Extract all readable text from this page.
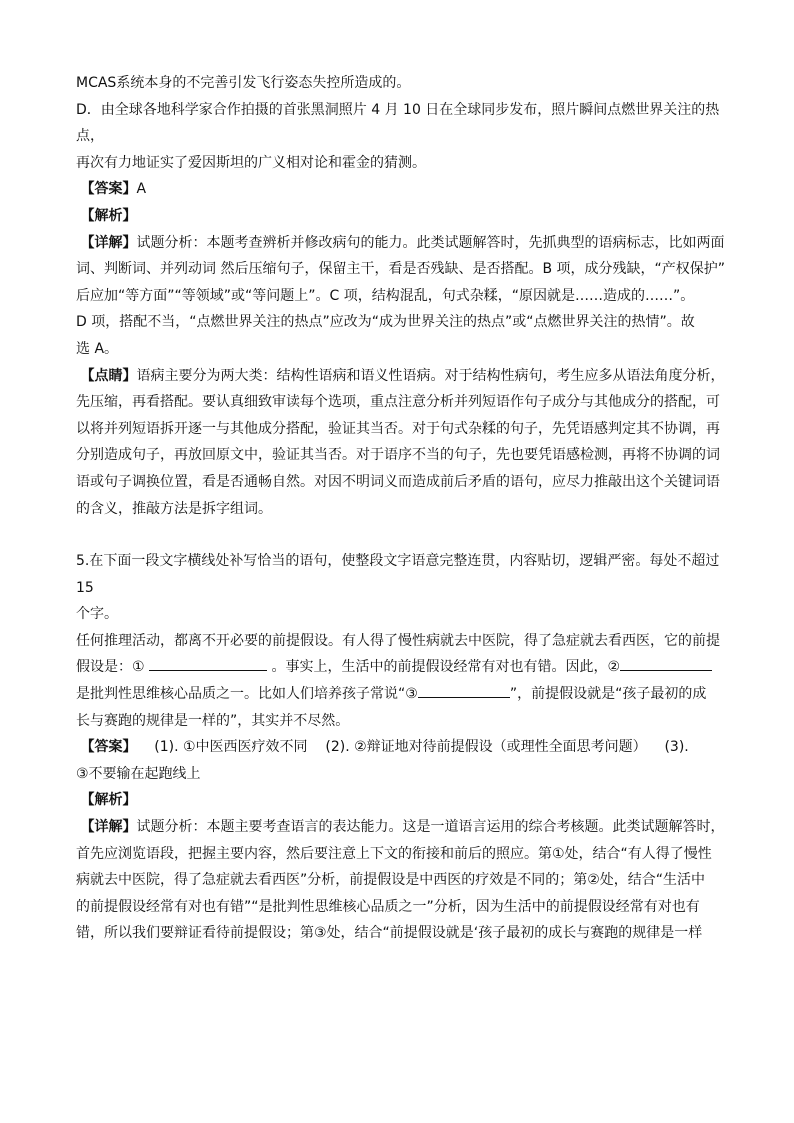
MCAS系统本身的不完善引发飞行姿态失控所造成的。

D．由全球各地科学家合作拍摄的首张黑洞照片 4 月 10 日在全球同步发布，照片瞬间点燃世界关注的热点，

再次有力地证实了爱因斯坦的广义相对论和霍金的猜测。

【答案】A

【解析】

【详解】试题分析：本题考查辨析并修改病句的能力。此类试题解答时，先抓典型的语病标志，比如两面

词、判断词、并列动词 然后压缩句子，保留主干，看是否残缺、是否搭配。B 项，成分残缺，“产权保护”

后应加“等方面”“等领域”或“等问题上”。C 项，结构混乱，句式杂糅，“原因就是……造成的……”。

D 项，搭配不当，“点燃世界关注的热点”应改为“成为世界关注的热点”或“点燃世界关注的热情”。故

选 A。

【点睛】语病主要分为两大类：结构性语病和语义性语病。对于结构性病句，考生应多从语法角度分析，

先压缩，再看搭配。要认真细致审读每个选项，重点注意分析并列短语作句子成分与其他成分的搭配，可

以将并列短语拆开逐一与其他成分搭配，验证其当否。对于句式杂糅的句子，先凭语感判定其不协调，再

分别造成句子，再放回原文中，验证其当否。对于语序不当的句子，先也要凭语感检测，再将不协调的词

语或句子调换位置，看是否通畅自然。对因不明词义而造成前后矛盾的语句，应尽力推敲出这个关键词语

的含义，推敲方法是拆字组词。

5.在下面一段文字横线处补写恰当的语句，使整段文字语意完整连贯，内容贴切，逻辑严密。每处不超过 15

个字。

任何推理活动，都离不开必要的前提假设。有人得了慢性病就去中医院，得了急症就去看西医，它的前提

假设是：①	。事实上，生活中的前提假设经常有对也有错。因此，②

是批判性思维核心品质之一。比如人们培养孩子常说“③	”，前提假设就是“孩子最初的成

长与赛跑的规律是一样的”，其实并不尽然。

【答案】 (1). ①中医西医疗效不同 (2). ②辩证地对待前提假设（或理性全面思考问题） (3).

③不要输在起跑线上

【解析】

【详解】试题分析：本题主要考查语言的表达能力。这是一道语言运用的综合考核题。此类试题解答时，

首先应浏览语段，把握主要内容，然后要注意上下文的衔接和前后的照应。第①处，结合“有人得了慢性

病就去中医院，得了急症就去看西医”分析，前提假设是中西医的疗效是不同的；第②处，结合“生活中

的前提假设经常有对也有错”“是批判性思维核心品质之一”分析，因为生活中的前提假设经常有对也有

错，所以我们要辩证看待前提假设；第③处，结合“前提假设就是‘孩子最初的成长与赛跑的规律是一样
